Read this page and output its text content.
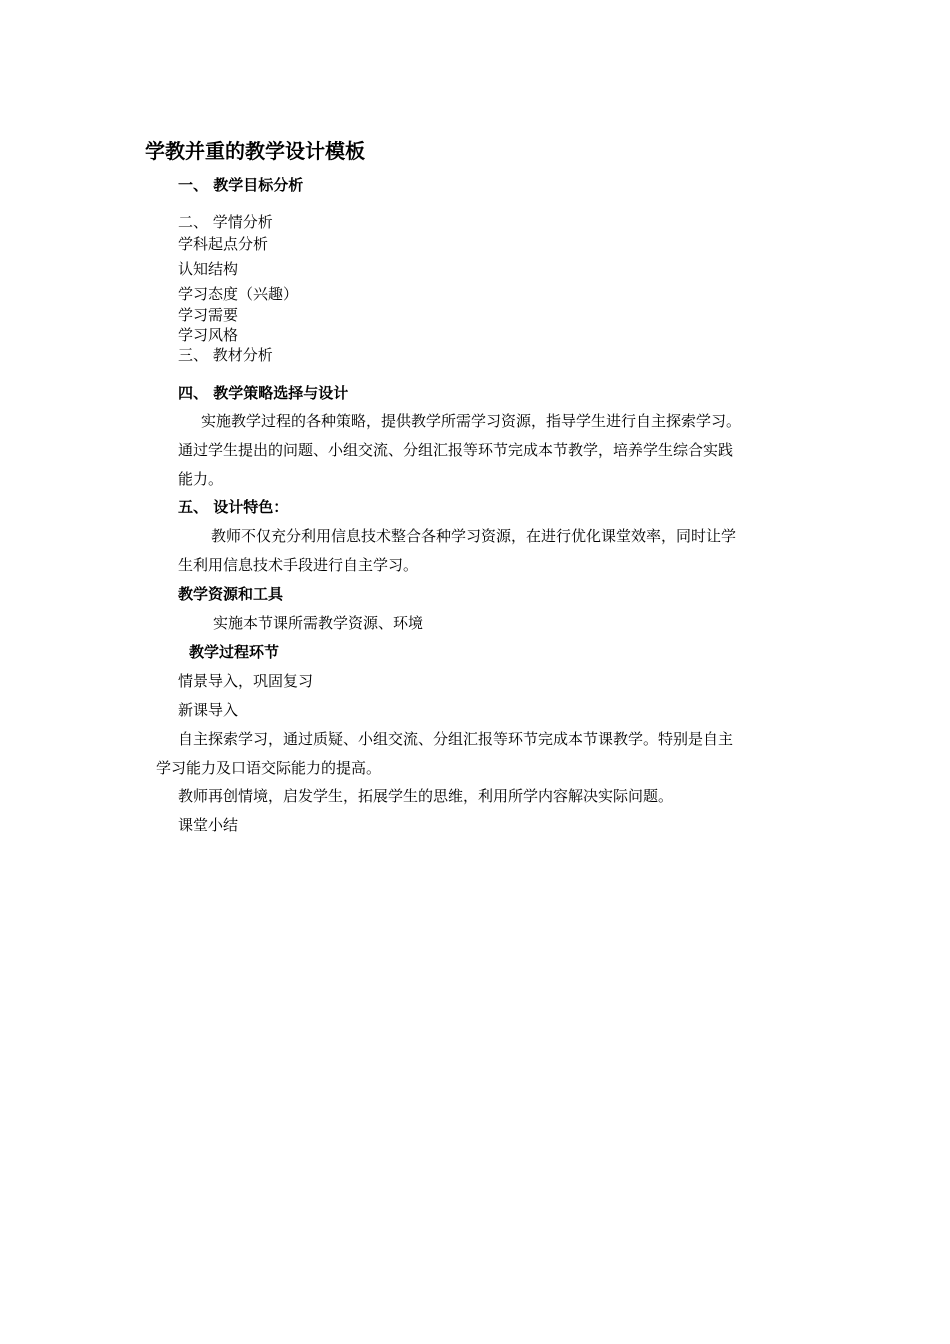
学教并重的教学设计模板
一、 教学目标分析
二、 学情分析
学科起点分析
认知结构
学习态度（兴趣）
学习需要
学习风格
三、 教材分析
四、 教学策略选择与设计
实施教学过程的各种策略，提供教学所需学习资源，指导学生进行自主探索学习。
通过学生提出的问题、小组交流、分组汇报等环节完成本节教学，培养学生综合实践
能力。
五、 设计特色：
教师不仅充分利用信息技术整合各种学习资源，在进行优化课堂效率，同时让学
生利用信息技术手段进行自主学习。
教学资源和工具
实施本节课所需教学资源、环境
教学过程环节
情景导入，巩固复习
新课导入
自主探索学习，通过质疑、小组交流、分组汇报等环节完成本节课教学。特别是自主
学习能力及口语交际能力的提高。
教师再创情境，启发学生，拓展学生的思维，利用所学内容解决实际问题。
课堂小结
